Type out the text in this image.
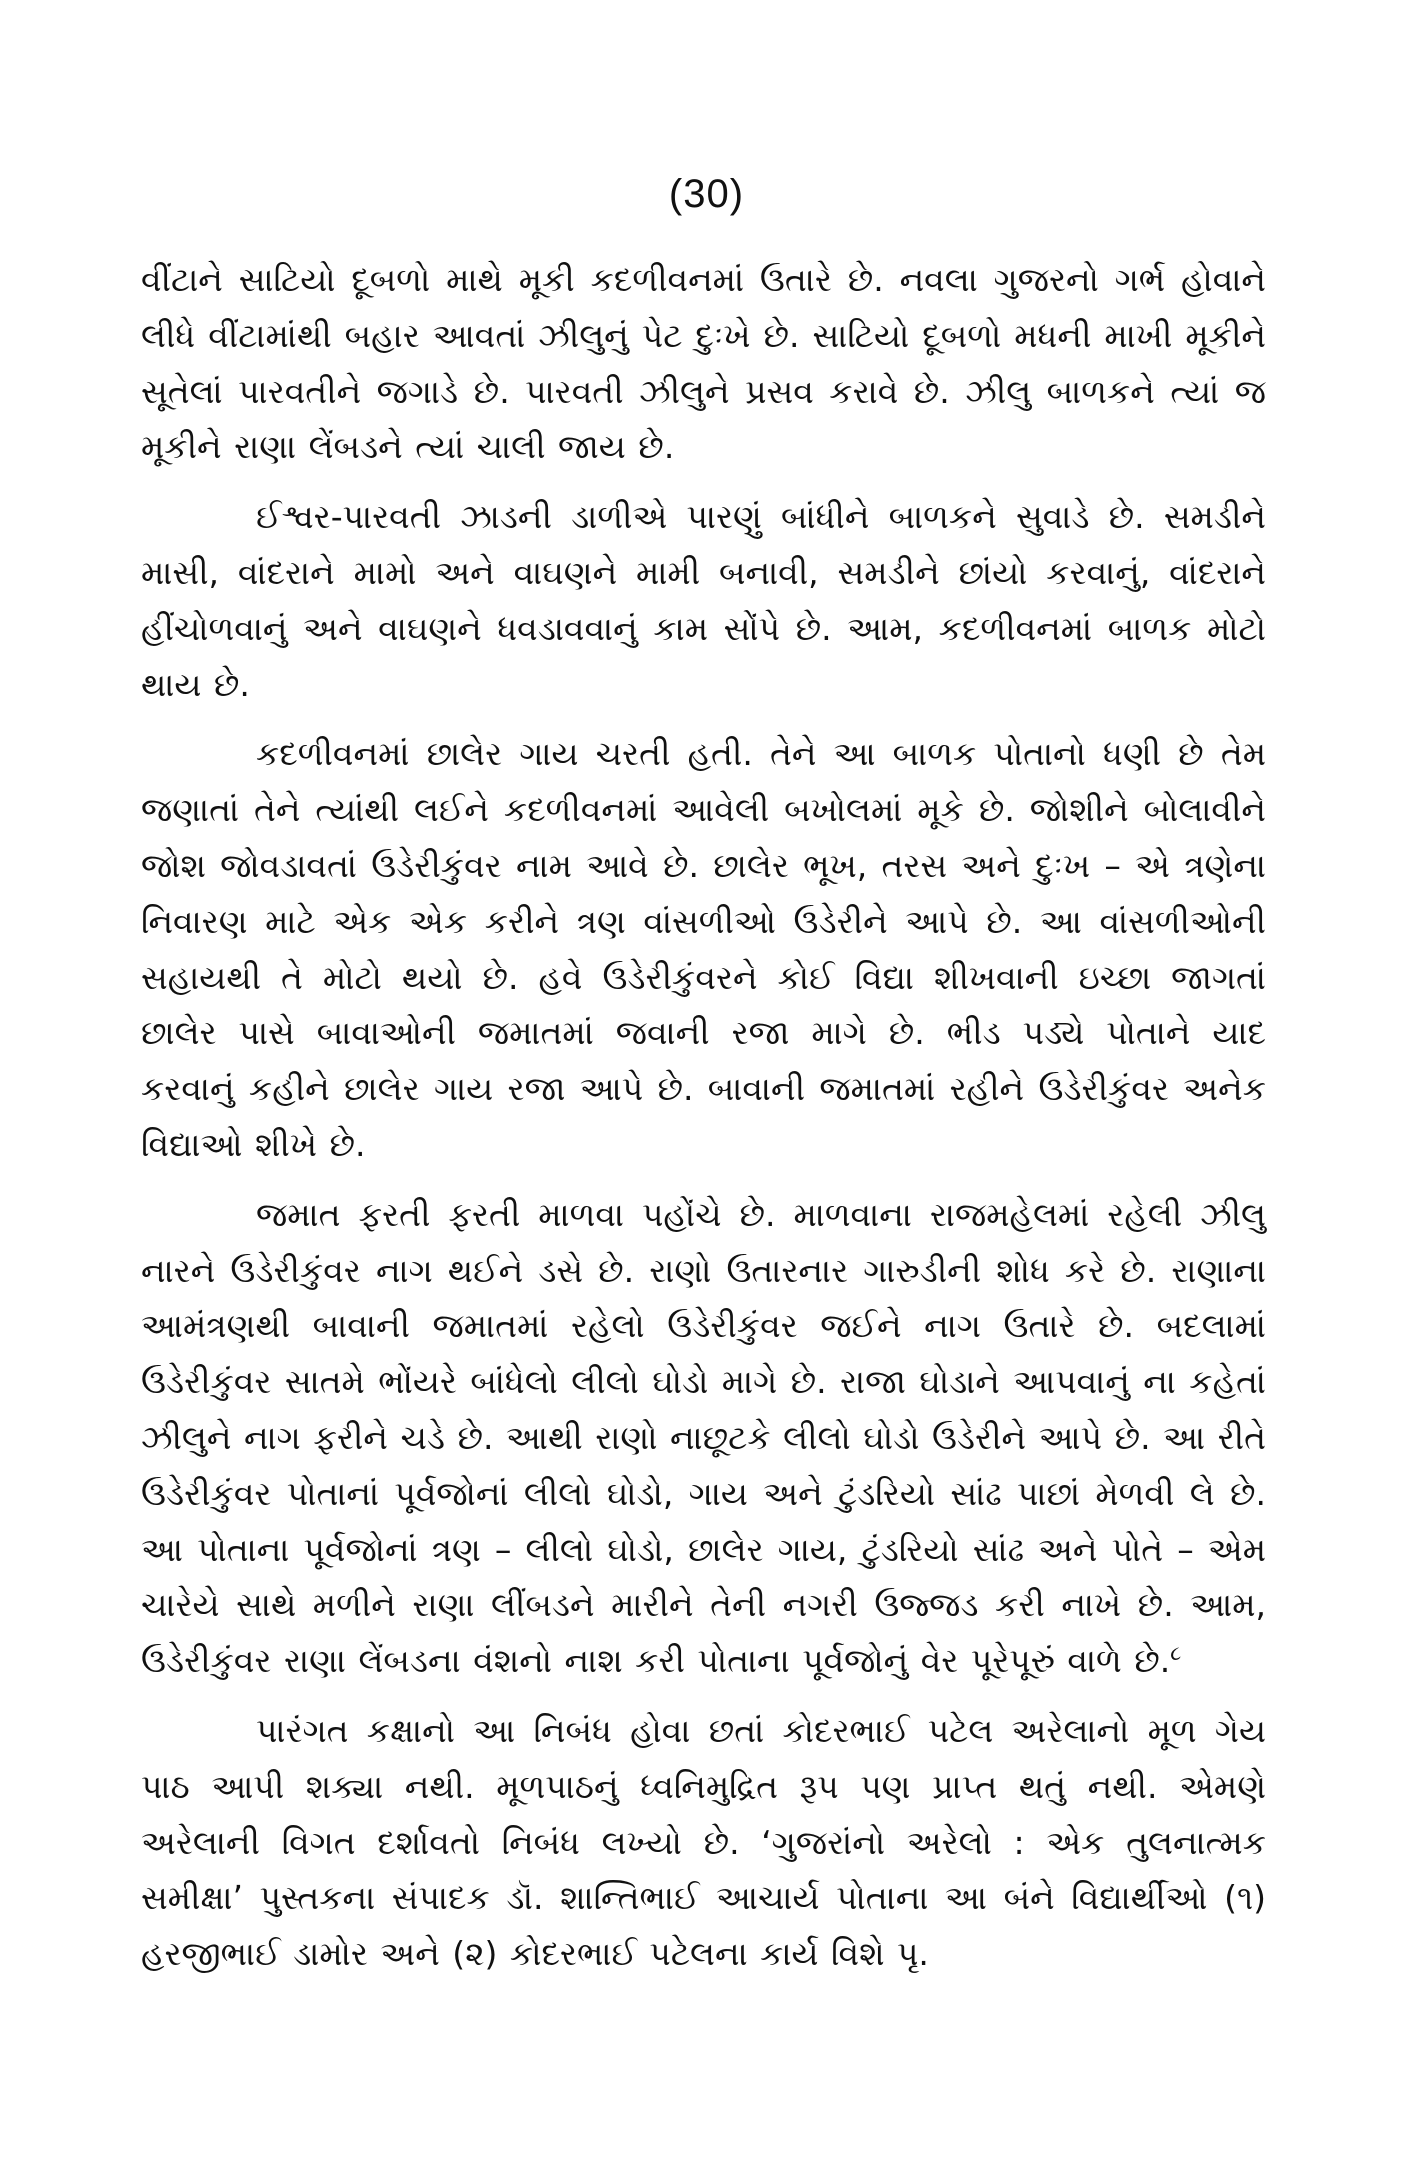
(30)

વીંટાને સાટિયો દૂબળો માથે મૂકી કદળીવનમાં ઉતારે છે. નવલા ગુજરનો ગર્ભ હોવાને લીધે વીંટામાંથી બહાર આવતાં ઝીલુનું પેટ દુઃખે છે. સાટિયો દૂબળો મધની માખી મૂકીને સૂતેલાં પારવતીને જગાડે છે. પારવતી ઝીલુને પ્રસવ કરાવે છે. ઝીલુ બાળકને ત્યાં જ મૂકીને રાણા લેંબડને ત્યાં ચાલી જાય છે.

ઈશ્વર-પારવતી ઝાડની ડાળીએ પારણું બાંધીને બાળકને સુવાડે છે. સમડીને માસી, વાંદરાને મામો અને વાઘણને મામી બનાવી, સમડીને છાંયો કરવાનું, વાંદરાને હીંચોળવાનું અને વાઘણને ધવડાવવાનું કામ સોંપે છે. આમ, કદળીવનમાં બાળક મોટો થાય છે.

કદળીવનમાં છાલેર ગાય ચરતી હતી. તેને આ બાળક પોતાનો ધણી છે તેમ જણાતાં તેને ત્યાંથી લઈને કદળીવનમાં આવેલી બખોલમાં મૂકે છે. જોશીને બોલાવીને જોશ જોવડાવતાં ઉડેરીકુંવર નામ આવે છે. છાલેર ભૂખ, તરસ અને દુઃખ – એ ત્રણેના નિવારણ માટે એક એક કરીને ત્રણ વાંસળીઓ ઉડેરીને આપે છે. આ વાંસળીઓની સહાયથી તે મોટો થયો છે. હવે ઉડેરીકુંવરને કોઈ વિદ્યા શીખવાની ઇચ્છા જાગતાં છાલેર પાસે બાવાઓની જમાતમાં જવાની રજા માગે છે. ભીડ પડ્યે પોતાને યાદ કરવાનું કહીને છાલેર ગાય રજા આપે છે. બાવાની જમાતમાં રહીને ઉડેરીકુંવર અનેક વિદ્યાઓ શીખે છે.

જમાત ફરતી ફરતી માળવા પહોંચે છે. માળવાના રાજમહેલમાં રહેલી ઝીલુ નારને ઉડેરીકુંવર નાગ થઈને ડસે છે. રાણો ઉતારનાર ગારુડીની શોધ કરે છે. રાણાના આમંત્રણથી બાવાની જમાતમાં રહેલો ઉડેરીકુંવર જઈને નાગ ઉતારે છે. બદલામાં ઉડેરીકુંવર સાતમે ભોંયરે બાંધેલો લીલો ઘોડો માગે છે. રાજા ઘોડાને આપવાનું ના કહેતાં ઝીલુને નાગ ફરીને ચડે છે. આથી રાણો નાછૂટકે લીલો ઘોડો ઉડેરીને આપે છે. આ રીતે ઉડેરીકુંવર પોતાનાં પૂર્વજોનાં લીલો ઘોડો, ગાય અને ટુંડરિયો સાંઢ પાછાં મેળવી લે છે. આ પોતાના પૂર્વજોનાં ત્રણ – લીલો ઘોડો, છાલેર ગાય, ટુંડરિયો સાંઢ અને પોતે – એમ ચારેયે સાથે મળીને રાણા લીંબડને મારીને તેની નગરી ઉજ્જડ કરી નાખે છે. આમ, ઉડેરીકુંવર રાણા લેંબડના વંશનો નાશ કરી પોતાના પૂર્વજોનું વેર પૂરેપૂરું વાળે છે.$^૮$

પારંગત કક્ષાનો આ નિબંધ હોવા છતાં કોદરભાઈ પટેલ અરેલાનો મૂળ ગેય પાઠ આપી શક્યા નથી. મૂળપાઠનું ધ્વનિમુદ્રિત રૂપ પણ પ્રાપ્ત થતું નથી. એમણે અરેલાની વિગત દર્શાવતો નિબંધ લખ્યો છે. ‘ગુજરાંનો અરેલો : એક તુલનાત્મક સમીક્ષા’ પુસ્તકના સંપાદક ડૉ. શાન્તિભાઈ આચાર્ય પોતાના આ બંને વિદ્યાર્થીઓ (૧) હરજીભાઈ ડામોર અને (૨) કોદરભાઈ પટેલના કાર્ય વિશે પૃ.
